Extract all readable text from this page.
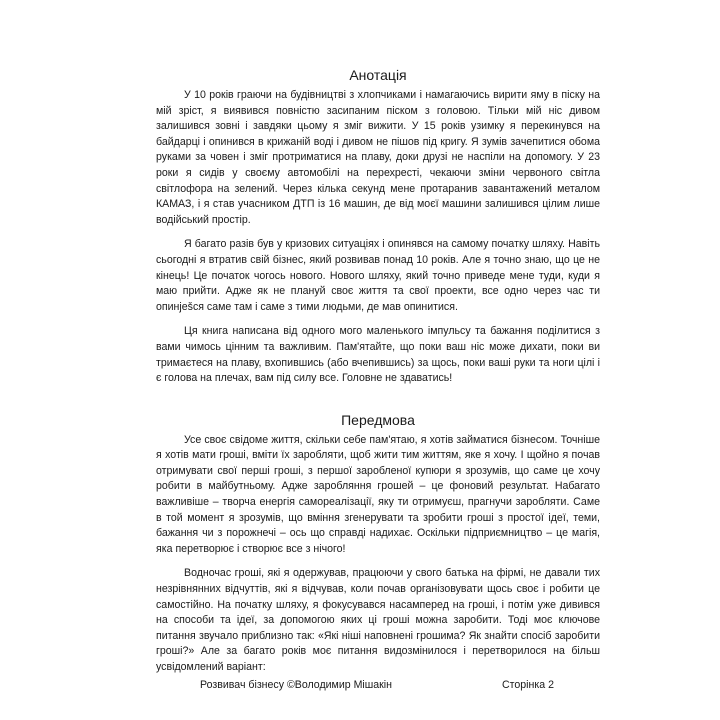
Анотація

У 10 років граючи на будівництві з хлопчиками і намагаючись вирити яму в піску на мій зріст, я виявився повністю засипаним піском з головою. Тільки мій ніс дивом залишився зовні і завдяки цьому я зміг вижити. У 15 років узимку я перекинувся на байдарці і опинився в крижаній воді і дивом не пішов під кригу. Я зумів зачепитися обома руками за човен і зміг протриматися на плаву, доки друзі не наспіли на допомогу. У 23 роки я сидів у своєму автомобілі на перехресті, чекаючи зміни червоного світла світлофора на зелений. Через кілька секунд мене протаранив завантажений металом КАМАЗ, і я став учасником ДТП із 16 машин, де від моєї машини залишився цілим лише водійський простір.

Я багато разів був у кризових ситуаціях і опинявся на самому початку шляху. Навіть сьогодні я втратив свій бізнес, який розвивав понад 10 років. Але я точно знаю, що це не кінець! Це початок чогось нового. Нового шляху, який точно приведе мене туди, куди я маю прийти. Адже як не плануй своє життя та свої проекти, все одно через час ти опинješся саме там і саме з тими людьми, де мав опинитися.

Ця книга написана від одного мого маленького імпульсу та бажання поділитися з вами чимось цінним та важливим. Пам'ятайте, що поки ваш ніс може дихати, поки ви тримаєтеся на плаву, вхопившись (або вчепившись) за щось, поки ваші руки та ноги цілі і є голова на плечах, вам під силу все. Головне не здаватись!

Передмова

Усе своє свідоме життя, скільки себе пам'ятаю, я хотів займатися бізнесом. Точніше я хотів мати гроші, вміти їх заробляти, щоб жити тим життям, яке я хочу. І щойно я почав отримувати свої перші гроші, з першої заробленої купюри я зрозумів, що саме це хочу робити в майбутньому. Адже заробляння грошей – це фоновий результат. Набагато важливіше – творча енергія самореалізації, яку ти отримуєш, прагнучи заробляти. Саме в той момент я зрозумів, що вміння згенерувати та зробити гроші з простої ідеї, теми, бажання чи з порожнечі – ось що справді надихає. Оскільки підприємництво – це магія, яка перетворює і створює все з нічого!

Водночас гроші, які я одержував, працюючи у свого батька на фірмі, не давали тих незрівнянних відчуттів, які я відчував, коли почав організовувати щось своє і робити це самостійно. На початку шляху, я фокусувався насамперед на гроші, і потім уже дивився на способи та ідеї, за допомогою яких ці гроші можна заробити. Тоді моє ключове питання звучало приблизно так: «Які ніші наповнені грошима? Як знайти спосіб заробити гроші?» Але за багато років моє питання видозмінилося і перетворилося на більш усвідомлений варіант:

Розвивач бізнесу ©Володимир Мішакін	Сторінка 2
